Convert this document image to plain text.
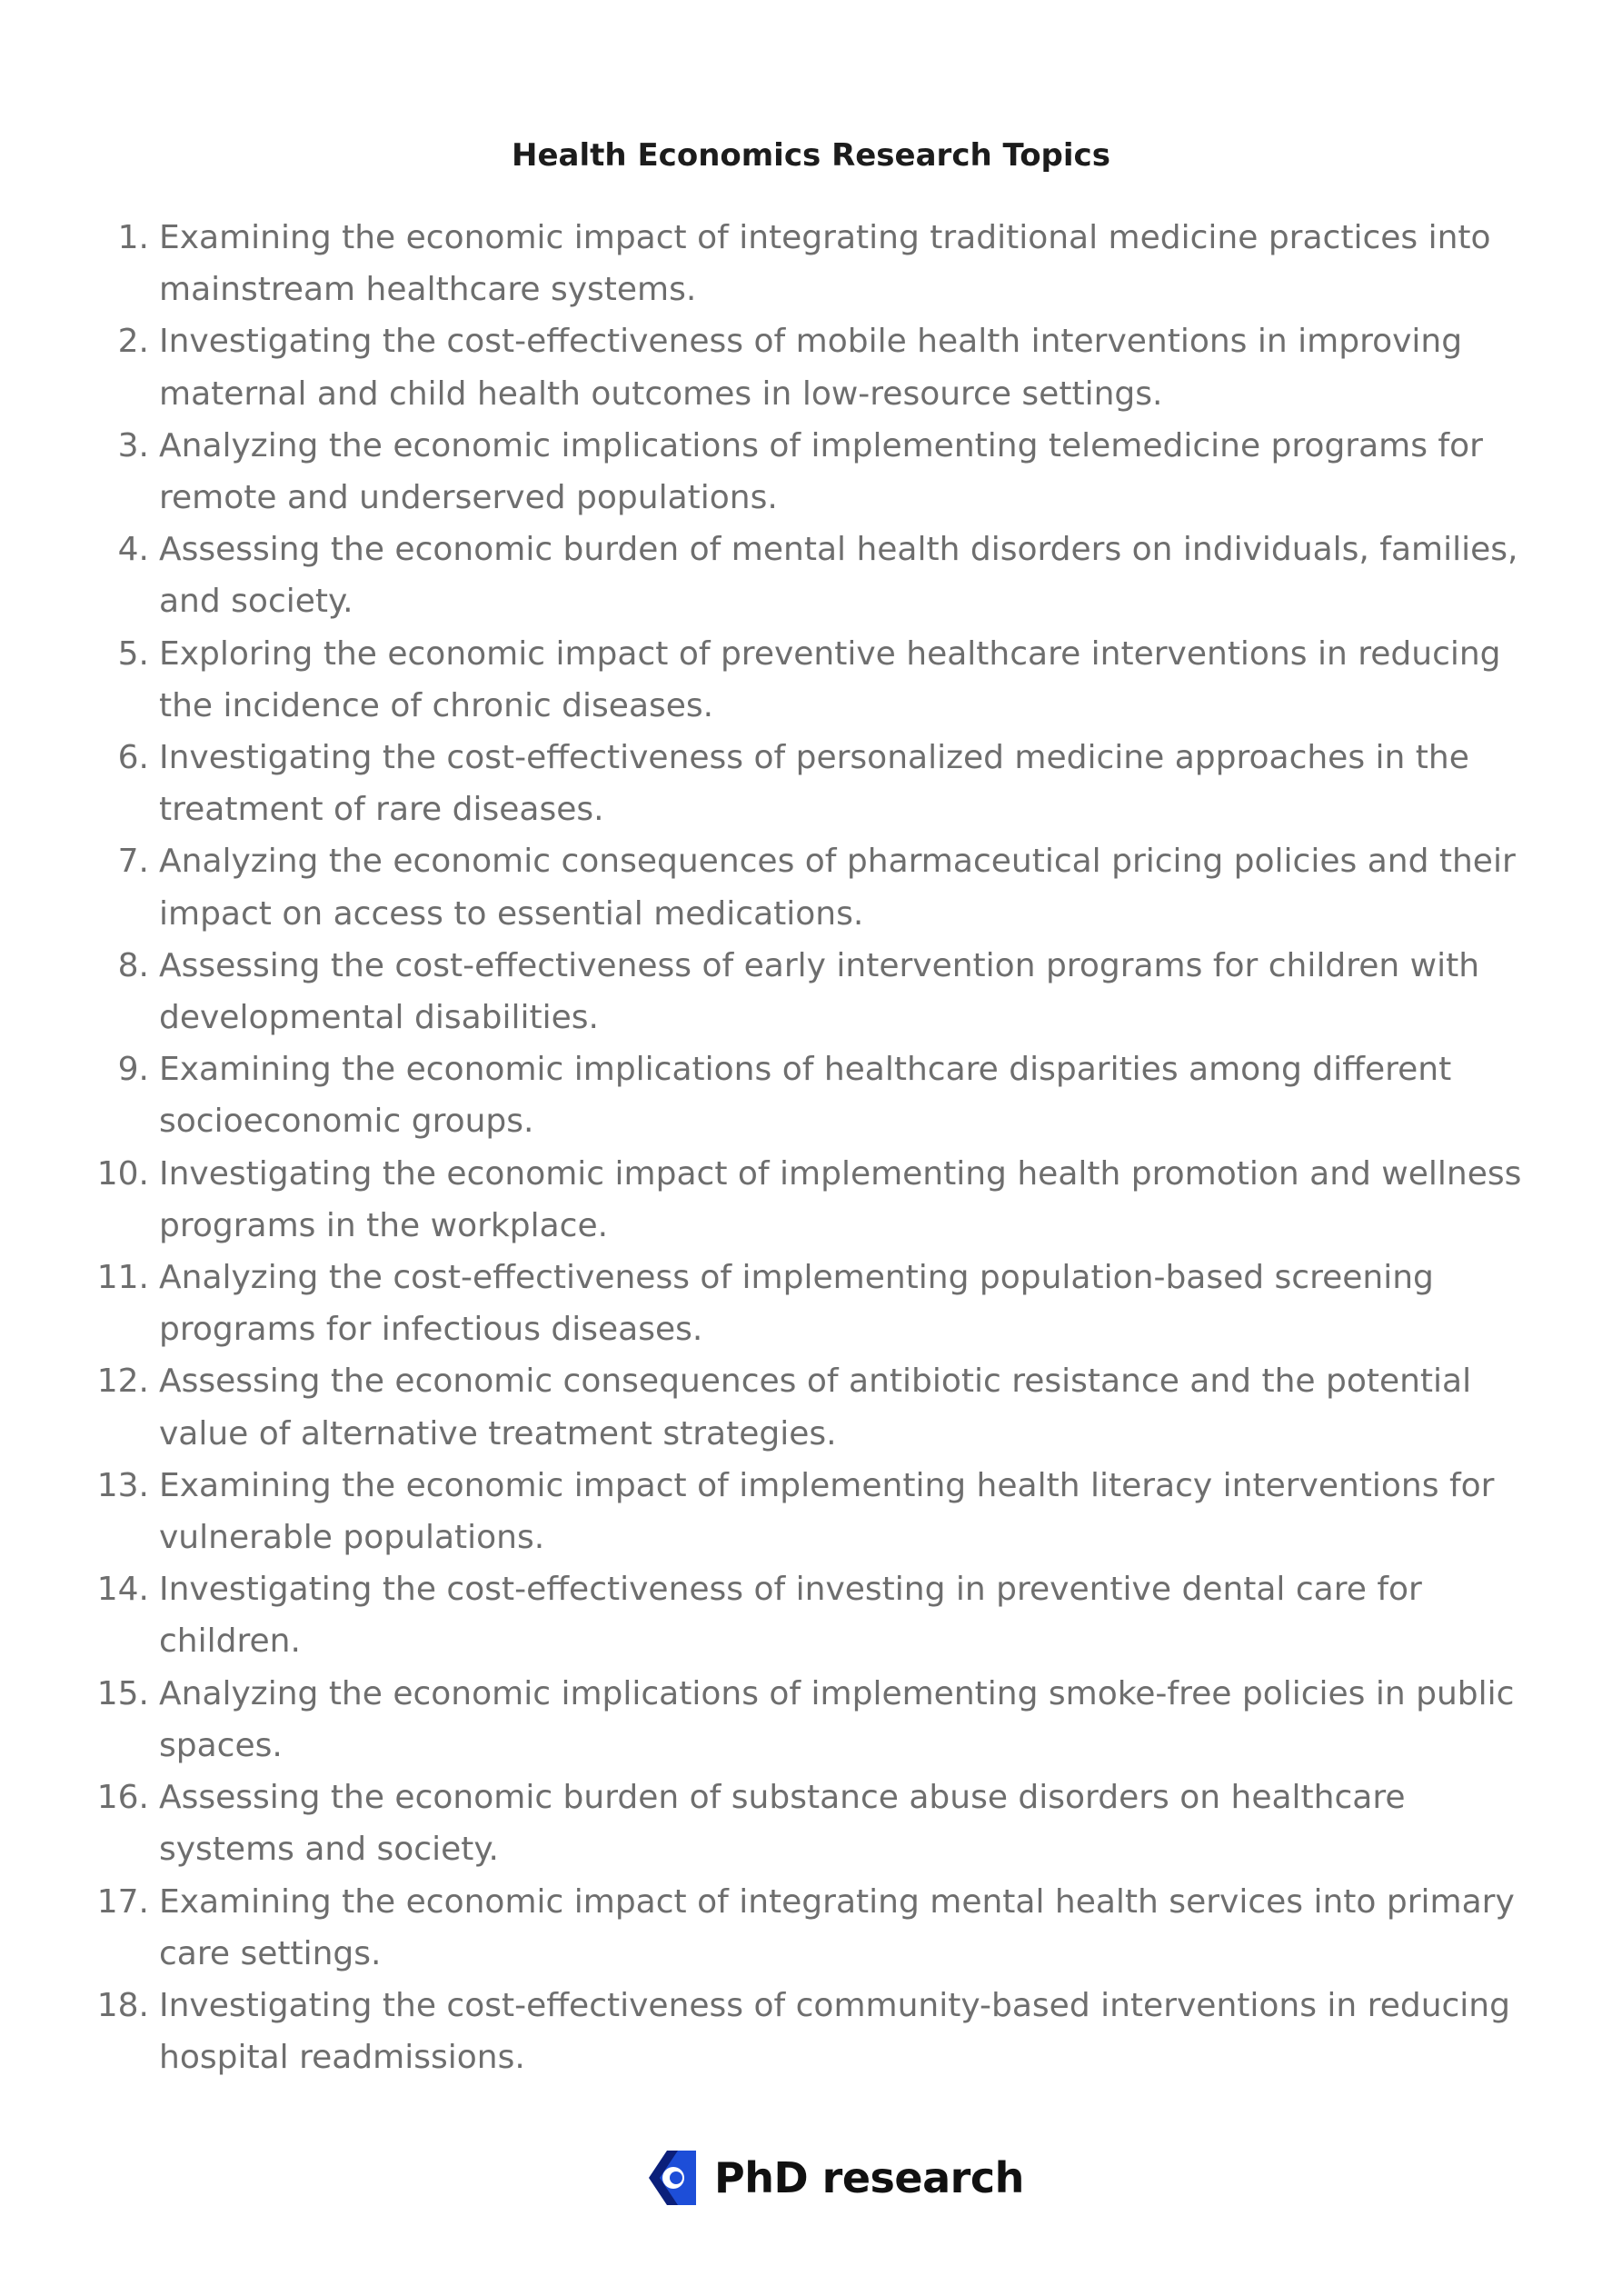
Health Economics Research Topics
1. Examining the economic impact of integrating traditional medicine practices into mainstream healthcare systems.
2. Investigating the cost-effectiveness of mobile health interventions in improving maternal and child health outcomes in low-resource settings.
3. Analyzing the economic implications of implementing telemedicine programs for remote and underserved populations.
4. Assessing the economic burden of mental health disorders on individuals, families, and society.
5. Exploring the economic impact of preventive healthcare interventions in reducing the incidence of chronic diseases.
6. Investigating the cost-effectiveness of personalized medicine approaches in the treatment of rare diseases.
7. Analyzing the economic consequences of pharmaceutical pricing policies and their impact on access to essential medications.
8. Assessing the cost-effectiveness of early intervention programs for children with developmental disabilities.
9. Examining the economic implications of healthcare disparities among different socioeconomic groups.
10. Investigating the economic impact of implementing health promotion and wellness programs in the workplace.
11. Analyzing the cost-effectiveness of implementing population-based screening programs for infectious diseases.
12. Assessing the economic consequences of antibiotic resistance and the potential value of alternative treatment strategies.
13. Examining the economic impact of implementing health literacy interventions for vulnerable populations.
14. Investigating the cost-effectiveness of investing in preventive dental care for children.
15. Analyzing the economic implications of implementing smoke-free policies in public spaces.
16. Assessing the economic burden of substance abuse disorders on healthcare systems and society.
17. Examining the economic impact of integrating mental health services into primary care settings.
18. Investigating the cost-effectiveness of community-based interventions in reducing hospital readmissions.
PhD research
